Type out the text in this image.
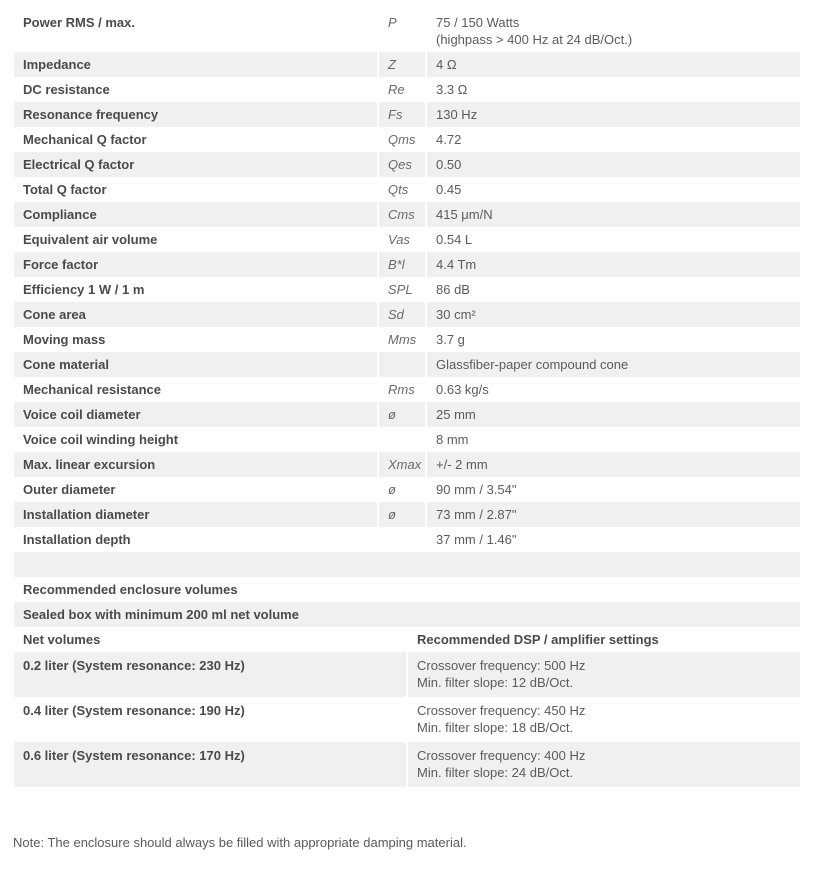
Power RMS / max.	P	75 / 150 Watts
(highpass > 400 Hz at 24 dB/Oct.)

Impedance	Z	4 Ω

DC resistance	Re	3.3 Ω

Resonance frequency	Fs	130 Hz

Mechanical Q factor	Qms	4.72

Electrical Q factor	Qes	0.50

Total Q factor	Qts	0.45

Compliance	Cms	415 μm/N

Equivalent air volume	Vas	0.54 L

Force factor	B*l	4.4 Tm

Efficiency 1 W / 1 m	SPL	86 dB

Cone area	Sd	30 cm²

Moving mass	Mms	3.7 g

Cone material		Glassfiber-paper compound cone

Mechanical resistance	Rms	0.63 kg/s

Voice coil diameter	ø	25 mm

Voice coil winding height		8 mm

Max. linear excursion	Xmax	+/- 2 mm

Outer diameter	ø	90 mm / 3.54"

Installation diameter	ø	73 mm / 2.87"

Installation depth		37 mm / 1.46"

Recommended enclosure volumes	
Sealed box with minimum 200 ml net volume	
Net volumes	Recommended DSP / amplifier settings
0.2 liter (System resonance: 230 Hz)	Crossover frequency: 500 Hz
Min. filter slope: 12 dB/Oct.

0.4 liter (System resonance: 190 Hz)	Crossover frequency: 450 Hz
Min. filter slope: 18 dB/Oct.

0.6 liter (System resonance: 170 Hz)	Crossover frequency: 400 Hz
Min. filter slope: 24 dB/Oct.
Note: The enclosure should always be filled with appropriate damping material.
